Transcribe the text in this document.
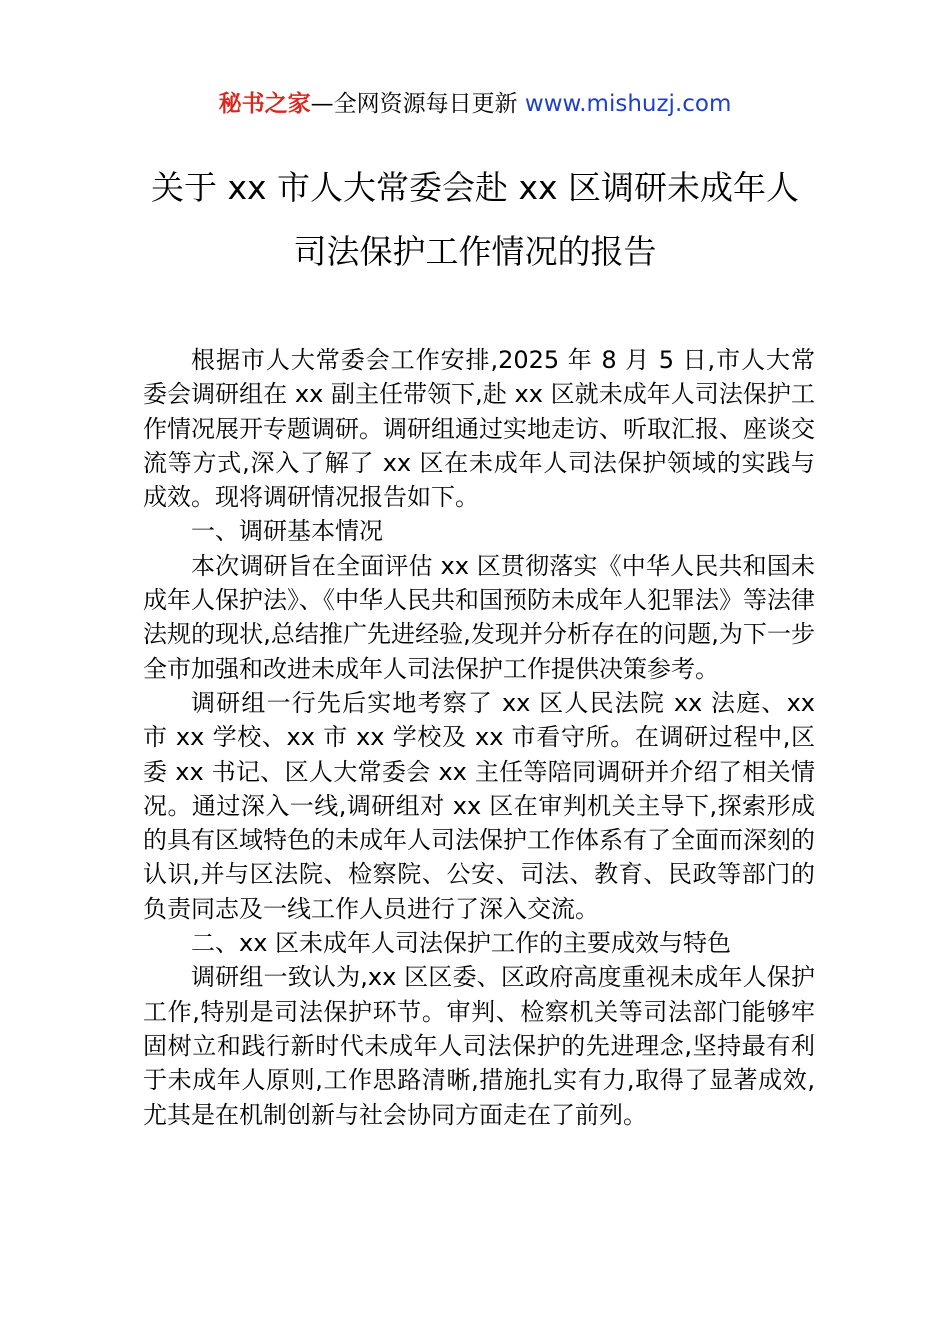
秘书之家—全网资源每日更新 www.mishuzj.com
关于 xx 市人大常委会赴 xx 区调研未成年人
司法保护工作情况的报告

根据市人大常委会工作安排,2025 年 8 月 5 日,市人大常委会调研组在 xx 副主任带领下,赴 xx 区就未成年人司法保护工作情况展开专题调研。调研组通过实地走访、听取汇报、座谈交流等方式,深入了解了 xx 区在未成年人司法保护领域的实践与成效。现将调研情况报告如下。

一、调研基本情况

本次调研旨在全面评估 xx 区贯彻落实《中华人民共和国未成年人保护法》、《中华人民共和国预防未成年人犯罪法》等法律法规的现状,总结推广先进经验,发现并分析存在的问题,为下一步全市加强和改进未成年人司法保护工作提供决策参考。

调研组一行先后实地考察了 xx 区人民法院 xx 法庭、xx 市 xx 学校、xx 市 xx 学校及 xx 市看守所。在调研过程中,区委 xx 书记、区人大常委会 xx 主任等陪同调研并介绍了相关情况。通过深入一线,调研组对 xx 区在审判机关主导下,探索形成的具有区域特色的未成年人司法保护工作体系有了全面而深刻的认识,并与区法院、检察院、公安、司法、教育、民政等部门的负责同志及一线工作人员进行了深入交流。

二、xx 区未成年人司法保护工作的主要成效与特色

调研组一致认为,xx 区区委、区政府高度重视未成年人保护工作,特别是司法保护环节。审判、检察机关等司法部门能够牢固树立和践行新时代未成年人司法保护的先进理念,坚持最有利于未成年人原则,工作思路清晰,措施扎实有力,取得了显著成效,尤其是在机制创新与社会协同方面走在了前列。
